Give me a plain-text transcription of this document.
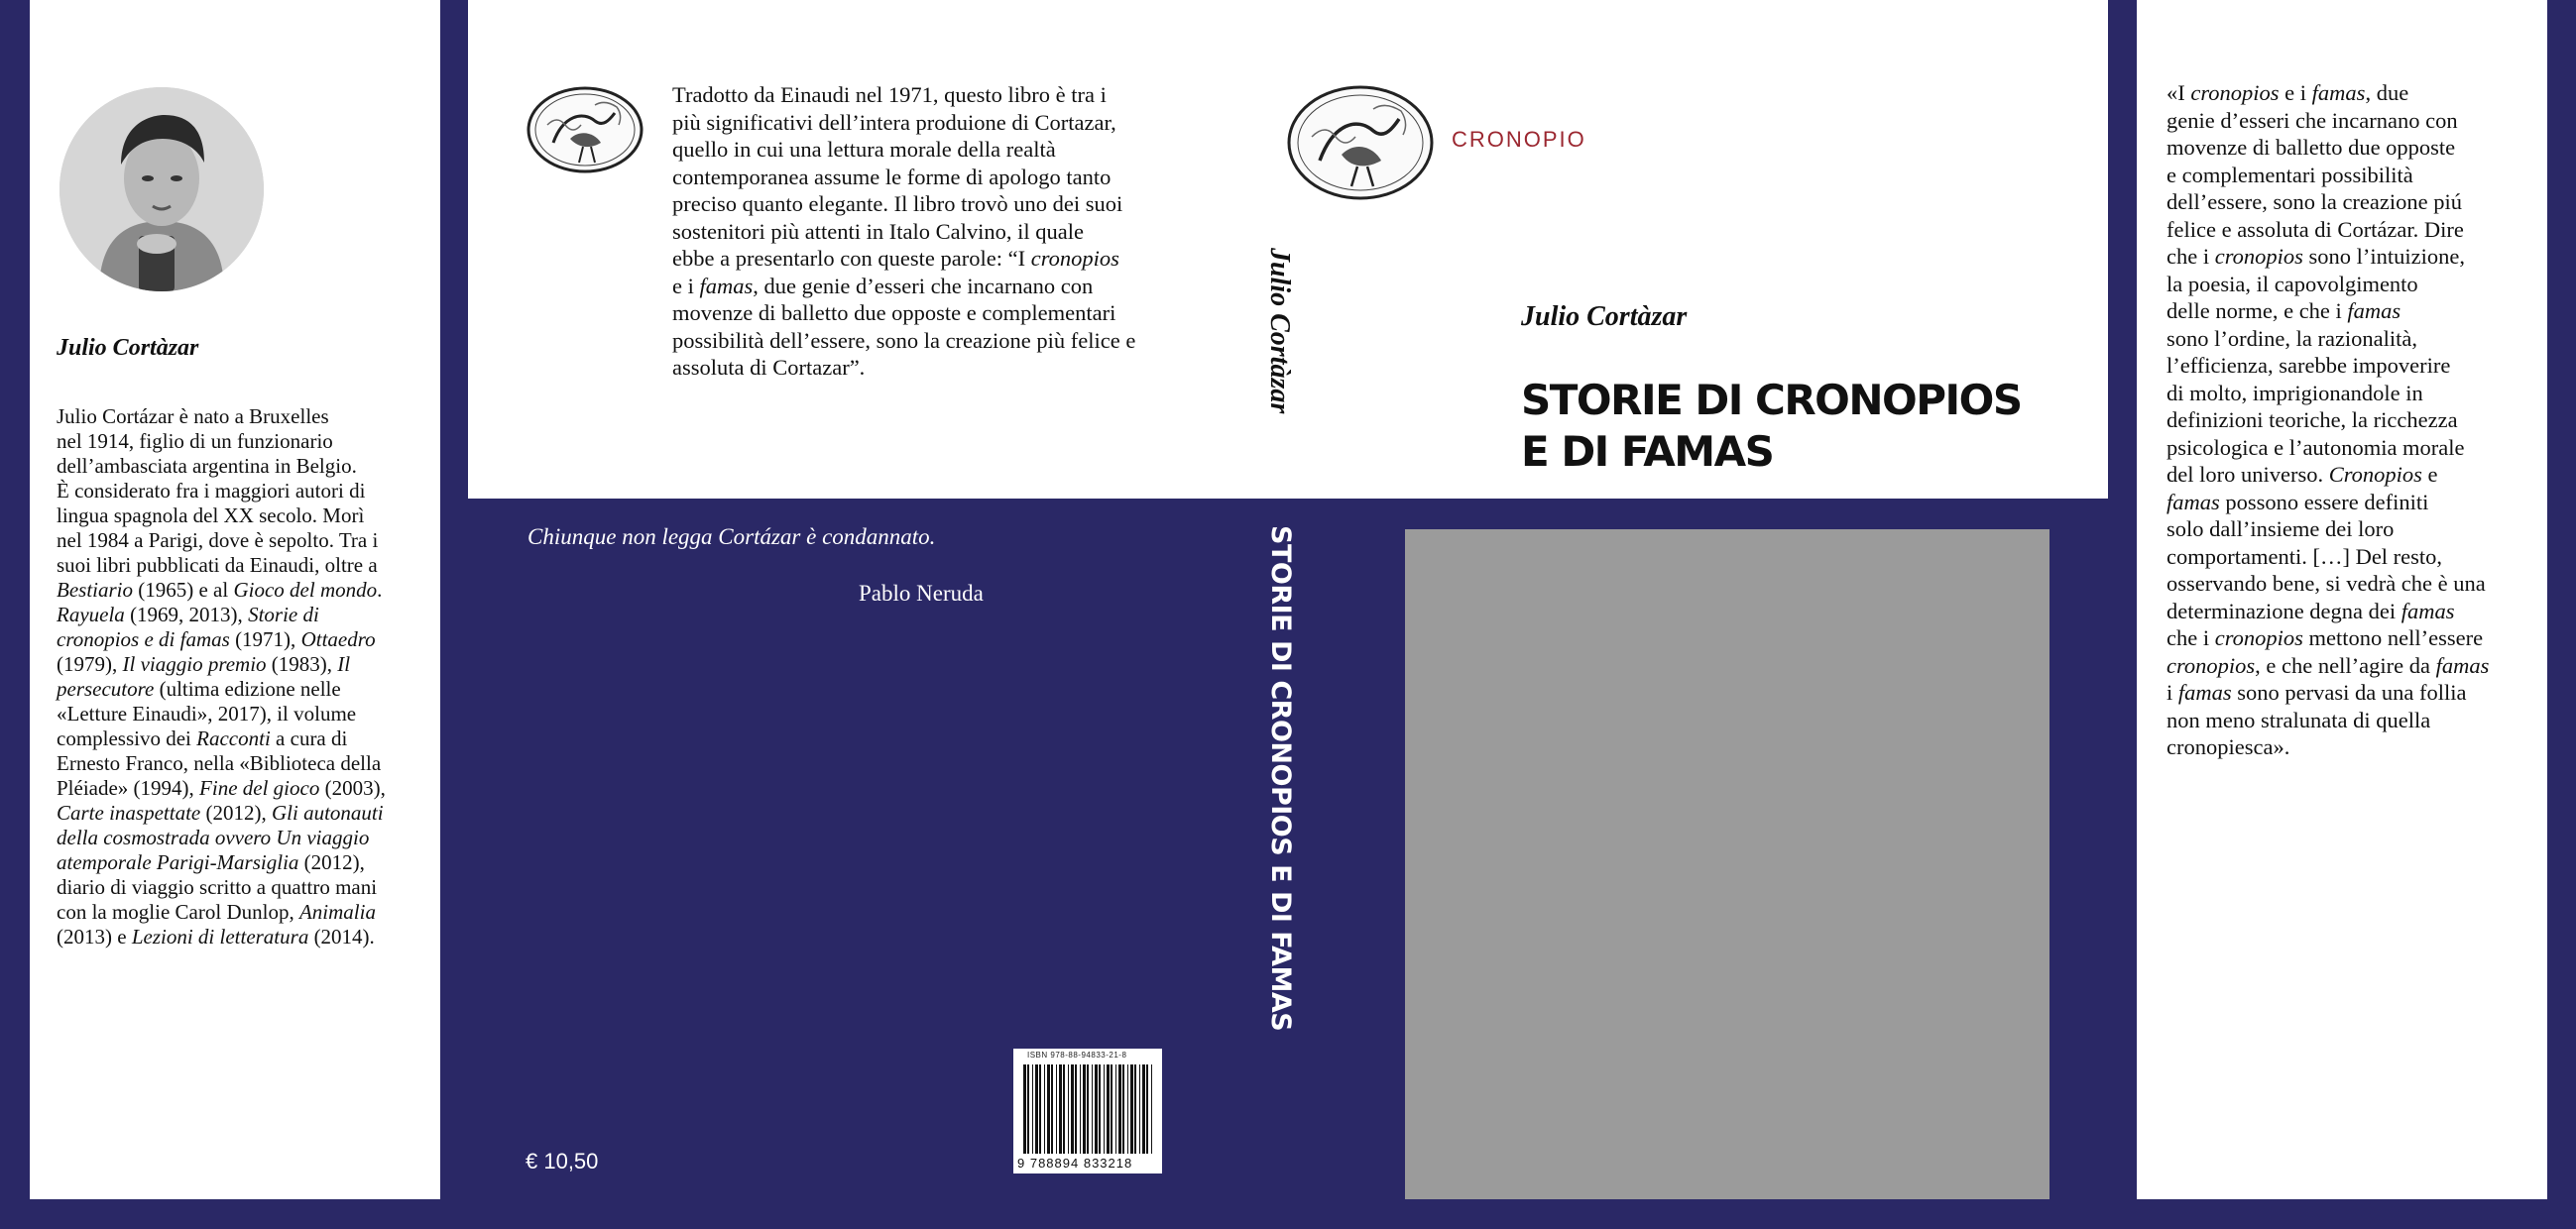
Julio Cortàzar
Julio Cortázar è nato a Bruxelles
nel 1914, figlio di un funzionario
dell’ambasciata argentina in Belgio.
È considerato fra i maggiori autori di
lingua spagnola del XX secolo. Morì
nel 1984 a Parigi, dove è sepolto. Tra i
suoi libri pubblicati da Einaudi, oltre a
Bestiario (1965) e al Gioco del mondo.
Rayuela (1969, 2013), Storie di
cronopios e di famas (1971), Ottaedro
(1979), Il viaggio premio (1983), Il
persecutore (ultima edizione nelle
«Letture Einaudi», 2017), il volume
complessivo dei Racconti a cura di
Ernesto Franco, nella «Biblioteca della
Pléiade» (1994), Fine del gioco (2003),
Carte inaspettate (2012), Gli autonauti
della cosmostrada ovvero Un viaggio
atemporale Parigi-Marsiglia (2012),
diario di viaggio scritto a quattro mani
con la moglie Carol Dunlop, Animalia
(2013) e Lezioni di letteratura (2014).
Tradotto da Einaudi nel 1971, questo libro è tra i
più significativi dell’intera produione di Cortazar,
quello in cui una lettura morale della realtà
contemporanea assume le forme di apologo tanto
preciso quanto elegante. Il libro trovò uno dei suoi
sostenitori più attenti in Italo Calvino, il quale
ebbe a presentarlo con queste parole: “I cronopios
e i famas, due genie d’esseri che incarnano con
movenze di balletto due opposte e complementari
possibilità dell’essere, sono la creazione più felice e
assoluta di Cortazar”.
CRONOPIO
Julio Cortàzar	Julio Cortàzar
STORIE DI CRONOPIOS
E DI FAMAS
Chiunque non legga Cortázar è condannato.
Pablo Neruda	STORIE DI CRONOPIOS E DI FAMAS
€ 10,50
ISBN 978-88-94833-21-8
9 788894 833218
«I cronopios e i famas, due
genie d’esseri che incarnano con
movenze di balletto due opposte
e complementari possibilità
dell’essere, sono la creazione piú
felice e assoluta di Cortázar. Dire
che i cronopios sono l’intuizione,
la poesia, il capovolgimento
delle norme, e che i famas
sono l’ordine, la razionalità,
l’efficienza, sarebbe impoverire
di molto, imprigionandole in
definizioni teoriche, la ricchezza
psicologica e l’autonomia morale
del loro universo. Cronopios e
famas possono essere definiti
solo dall’insieme dei loro
comportamenti. […] Del resto,
osservando bene, si vedrà che è una
determinazione degna dei famas
che i cronopios mettono nell’essere
cronopios, e che nell’agire da famas
i famas sono pervasi da una follia
non meno stralunata di quella
cronopiesca».
